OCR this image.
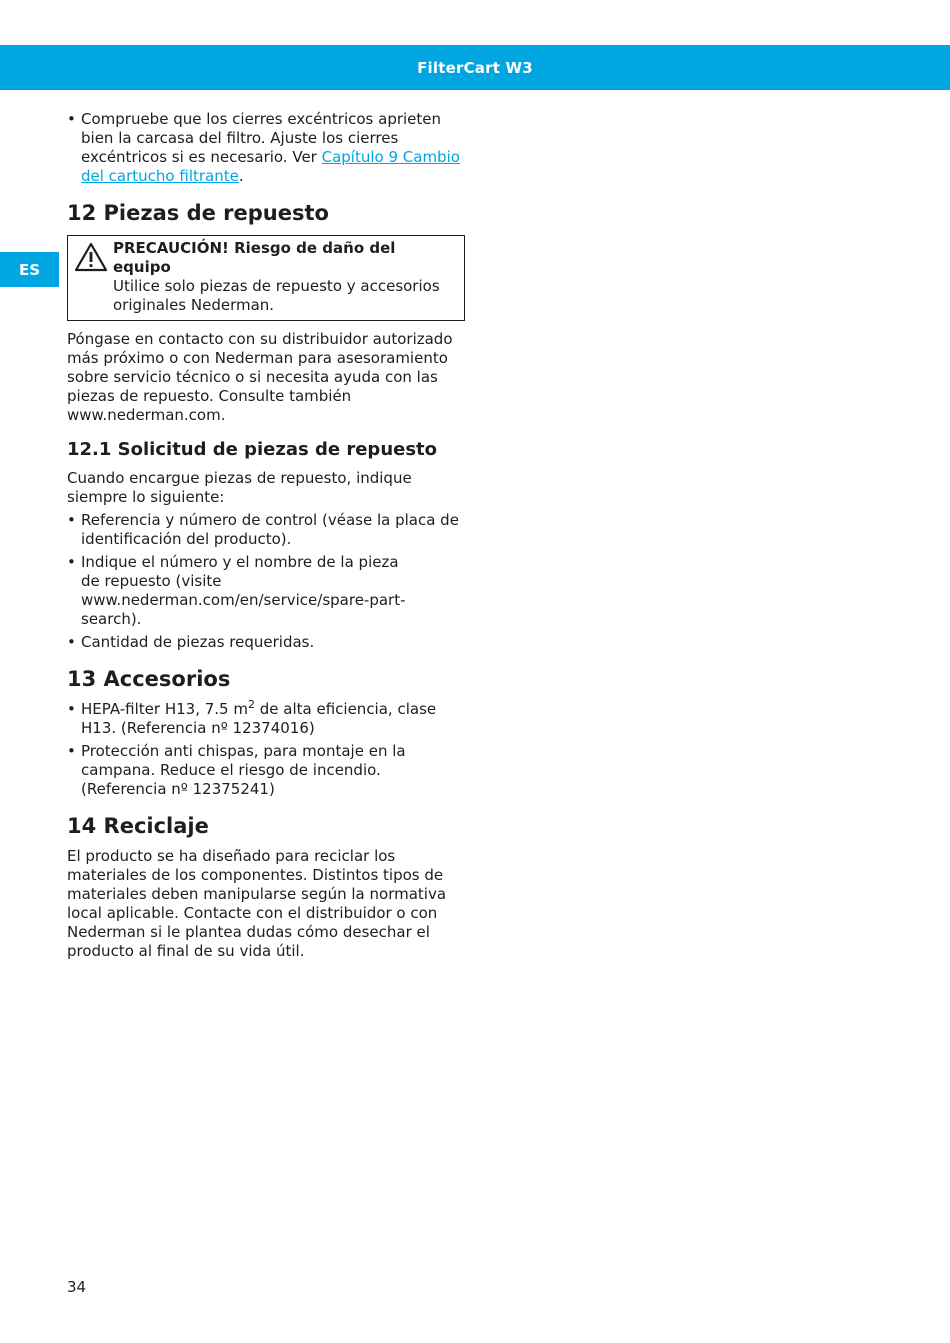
FilterCart W3
ES
• Compruebe que los cierres excéntricos aprieten bien la carcasa del filtro. Ajuste los cierres excéntricos si es necesario. Ver Capítulo 9 Cambio del cartucho filtrante.
12 Piezas de repuesto
PRECAUCIÓN! Riesgo de daño del equipo
Utilice solo piezas de repuesto y accesorios originales Nederman.

Póngase en contacto con su distribuidor autorizado más próximo o con Nederman para asesoramiento sobre servicio técnico o si necesita ayuda con las piezas de repuesto. Consulte también www.nederman.com.

12.1 Solicitud de piezas de repuesto

Cuando encargue piezas de repuesto, indique siempre lo siguiente:

• Referencia y número de control (véase la placa de identificación del producto).
• Indique el número y el nombre de la pieza de repuesto (visite www.nederman.com/en/service/spare-part-search).
• Cantidad de piezas requeridas.
13 Accesorios
• HEPA-filter H13, 7.5 $m^2$ de alta eficiencia, clase H13. (Referencia nº 12374016)
• Protección anti chispas, para montaje en la campana. Reduce el riesgo de incendio. (Referencia nº 12375241)
14 Reciclaje

El producto se ha diseñado para reciclar los materiales de los componentes. Distintos tipos de materiales deben manipularse según la normativa local aplicable. Contacte con el distribuidor o con Nederman si le plantea dudas cómo desechar el producto al final de su vida útil.

34
